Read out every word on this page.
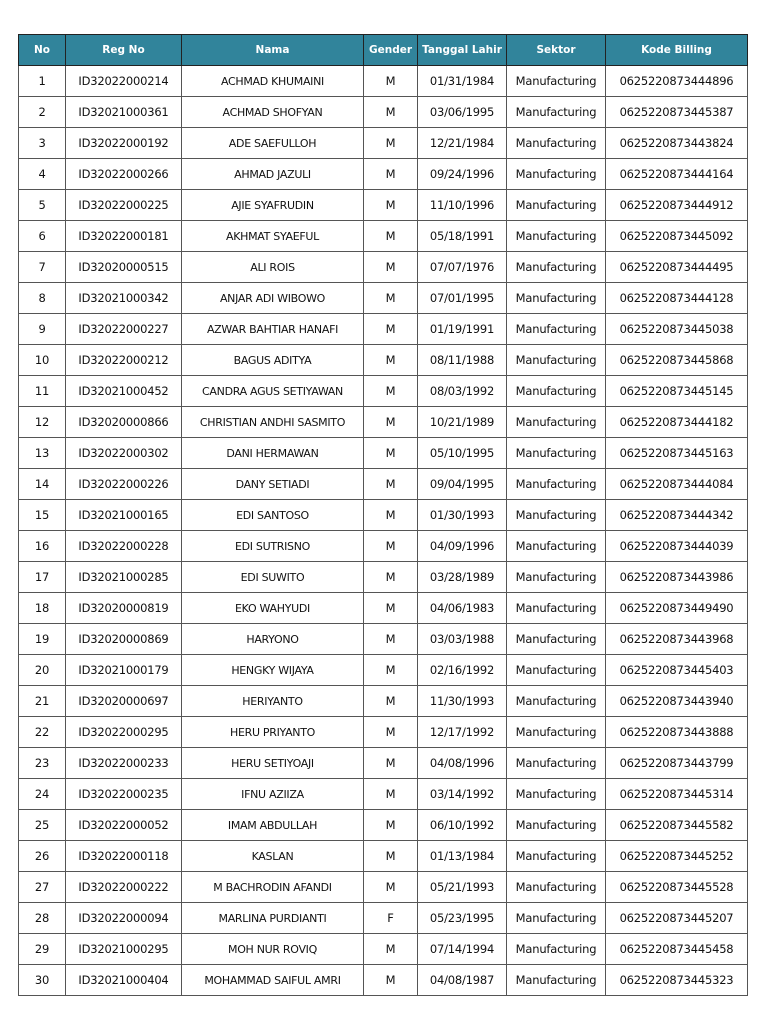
No	Reg No	Nama	Gender	Tanggal Lahir	Sektor	Kode Billing
1	ID32022000214	ACHMAD KHUMAINI	M	01/31/1984	Manufacturing	0625220873444896
2	ID32021000361	ACHMAD SHOFYAN	M	03/06/1995	Manufacturing	0625220873445387
3	ID32022000192	ADE SAEFULLOH	M	12/21/1984	Manufacturing	0625220873443824
4	ID32022000266	AHMAD JAZULI	M	09/24/1996	Manufacturing	0625220873444164
5	ID32022000225	AJIE SYAFRUDIN	M	11/10/1996	Manufacturing	0625220873444912
6	ID32022000181	AKHMAT SYAEFUL	M	05/18/1991	Manufacturing	0625220873445092
7	ID32020000515	ALI ROIS	M	07/07/1976	Manufacturing	0625220873444495
8	ID32021000342	ANJAR ADI WIBOWO	M	07/01/1995	Manufacturing	0625220873444128
9	ID32022000227	AZWAR BAHTIAR HANAFI	M	01/19/1991	Manufacturing	0625220873445038
10	ID32022000212	BAGUS ADITYA	M	08/11/1988	Manufacturing	0625220873445868
11	ID32021000452	CANDRA AGUS SETIYAWAN	M	08/03/1992	Manufacturing	0625220873445145
12	ID32020000866	CHRISTIAN ANDHI SASMITO	M	10/21/1989	Manufacturing	0625220873444182
13	ID32022000302	DANI HERMAWAN	M	05/10/1995	Manufacturing	0625220873445163
14	ID32022000226	DANY SETIADI	M	09/04/1995	Manufacturing	0625220873444084
15	ID32021000165	EDI SANTOSO	M	01/30/1993	Manufacturing	0625220873444342
16	ID32022000228	EDI SUTRISNO	M	04/09/1996	Manufacturing	0625220873444039
17	ID32021000285	EDI SUWITO	M	03/28/1989	Manufacturing	0625220873443986
18	ID32020000819	EKO WAHYUDI	M	04/06/1983	Manufacturing	0625220873449490
19	ID32020000869	HARYONO	M	03/03/1988	Manufacturing	0625220873443968
20	ID32021000179	HENGKY WIJAYA	M	02/16/1992	Manufacturing	0625220873445403
21	ID32020000697	HERIYANTO	M	11/30/1993	Manufacturing	0625220873443940
22	ID32022000295	HERU PRIYANTO	M	12/17/1992	Manufacturing	0625220873443888
23	ID32022000233	HERU SETIYOAJI	M	04/08/1996	Manufacturing	0625220873443799
24	ID32022000235	IFNU AZIIZA	M	03/14/1992	Manufacturing	0625220873445314
25	ID32022000052	IMAM ABDULLAH	M	06/10/1992	Manufacturing	0625220873445582
26	ID32022000118	KASLAN	M	01/13/1984	Manufacturing	0625220873445252
27	ID32022000222	M BACHRODIN AFANDI	M	05/21/1993	Manufacturing	0625220873445528
28	ID32022000094	MARLINA PURDIANTI	F	05/23/1995	Manufacturing	0625220873445207
29	ID32021000295	MOH NUR ROVIQ	M	07/14/1994	Manufacturing	0625220873445458
30	ID32021000404	MOHAMMAD SAIFUL AMRI	M	04/08/1987	Manufacturing	0625220873445323
